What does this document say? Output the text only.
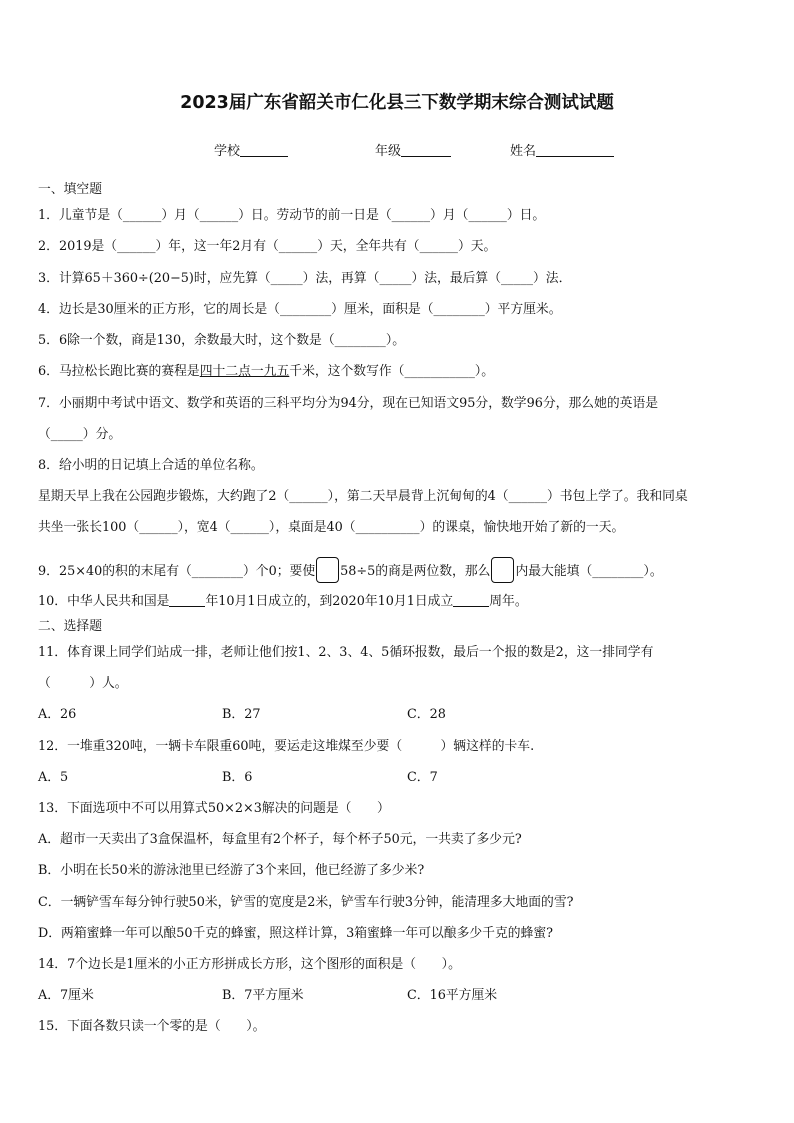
2023届广东省韶关市仁化县三下数学期末综合测试试题
学校	年级	姓名
一、填空题
1．儿童节是（______）月（______）日。劳动节的前一日是（______）月（______）日。
2．2019是（______）年，这一年2月有（______）天，全年共有（______）天。
3．计算65＋360÷(20−5)时，应先算（_____）法，再算（_____）法，最后算（_____）法．
4．边长是30厘米的正方形，它的周长是（________）厘米，面积是（________）平方厘米。
5．6除一个数，商是130，余数最大时，这个数是（________）。
6．马拉松长跑比赛的赛程是四十二点一九五千米，这个数写作（___________）。
7．小丽期中考试中语文、数学和英语的三科平均分为94分，现在已知语文95分，数学96分，那么她的英语是
（_____）分。
8．给小明的日记填上合适的单位名称。
星期天早上我在公园跑步锻炼，大约跑了2（______），第二天早晨背上沉甸甸的4（______）书包上学了。我和同桌
共坐一张长100（______），宽4（______），桌面是40（__________）的课桌，愉快地开始了新的一天。
9．25×40的积的末尾有（________）个0；要使 58÷5的商是两位数，那么 内最大能填（________）。
10．中华人民共和国是	年10月1日成立的，到2020年10月1日成立	周年。
二、选择题
11．体育课上同学们站成一排，老师让他们按1、2、3、4、5循环报数，最后一个报的数是2，这一排同学有
（　　　）人。
A．26	B．27	C．28
12．一堆重320吨，一辆卡车限重60吨，要运走这堆煤至少要（　　　）辆这样的卡车.
A．5	B．6	C．7
13．下面选项中不可以用算式50×2×3解决的问题是（　　）
A．超市一天卖出了3盒保温杯，每盒里有2个杯子，每个杯子50元，一共卖了多少元?
B．小明在长50米的游泳池里已经游了3个来回，他已经游了多少米?
C．一辆铲雪车每分钟行驶50米，铲雪的宽度是2米，铲雪车行驶3分钟，能清理多大地面的雪?
D．两箱蜜蜂一年可以酿50千克的蜂蜜，照这样计算，3箱蜜蜂一年可以酿多少千克的蜂蜜?
14．7个边长是1厘米的小正方形拼成长方形，这个图形的面积是（　　）。
A．7厘米	B．7平方厘米	C．16平方厘米
15．下面各数只读一个零的是（　　）。
